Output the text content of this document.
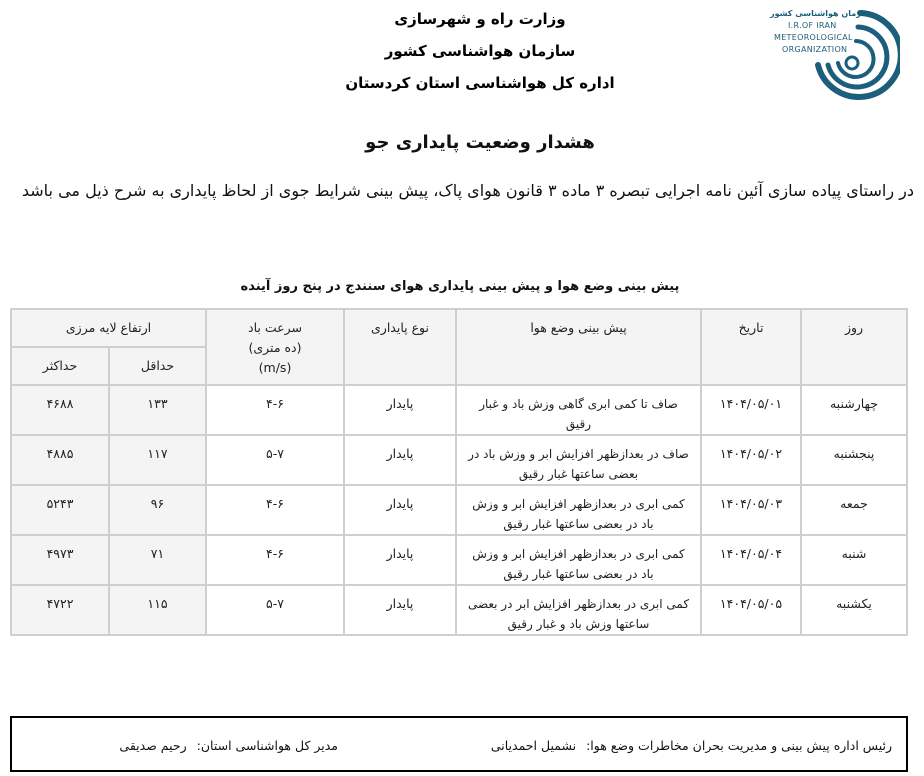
سازمان هواشناسی کشور
I.R.OF IRAN
METEOROLOGICAL
ORGANIZATION
وزارت راه و شهرسازی
سازمان هواشناسی کشور
اداره کل هواشناسی استان کردستان
هشدار وضعیت پایداری جو
در راستای پیاده سازی آئین نامه اجرایی تبصره ۳ ماده ۳ قانون هوای پاک، پیش بینی شرایط جوی از لحاظ پایداری به شرح ذیل می باشد
پیش بینی وضع هوا و پیش بینی پایداری هوای سنندج در پنج روز آینده
روز	تاریخ	پیش بینی وضع هوا	نوع پایداری	سرعت باد
(ده متری)
(m/s)	ارتفاع لایه مرزی	

					حداقل	حداکثر

چهارشنبه	۱۴۰۴/۰۵/۰۱	صاف تا کمی ابری گاهی وزش باد و غبار رقیق	پایدار	۴-۶	۱۳۳	۴۶۸۸

پنجشنبه	۱۴۰۴/۰۵/۰۲	صاف در بعدازظهر افزایش ابر و وزش باد در بعضی ساعتها غبار رقیق	پایدار	۵-۷	۱۱۷	۴۸۸۵

جمعه	۱۴۰۴/۰۵/۰۳	کمی ابری در بعدازظهر افزایش ابر و وزش باد در بعضی ساعتها غبار رقیق	پایدار	۴-۶	۹۶	۵۲۴۳

شنبه	۱۴۰۴/۰۵/۰۴	کمی ابری در بعدازظهر افزایش ابر و وزش باد در بعضی ساعتها غبار رقیق	پایدار	۴-۶	۷۱	۴۹۷۳

یکشنبه	۱۴۰۴/۰۵/۰۵	کمی ابری در بعدازظهر افزایش ابر در بعضی ساعتها وزش باد و غبار رقیق	پایدار	۵-۷	۱۱۵	۴۷۲۲
رئیس اداره پیش بینی و مدیریت بحران مخاطرات وضع هوا: نشمیل احمدیانی
مدیر کل هواشناسی استان: رحیم صدیقی
